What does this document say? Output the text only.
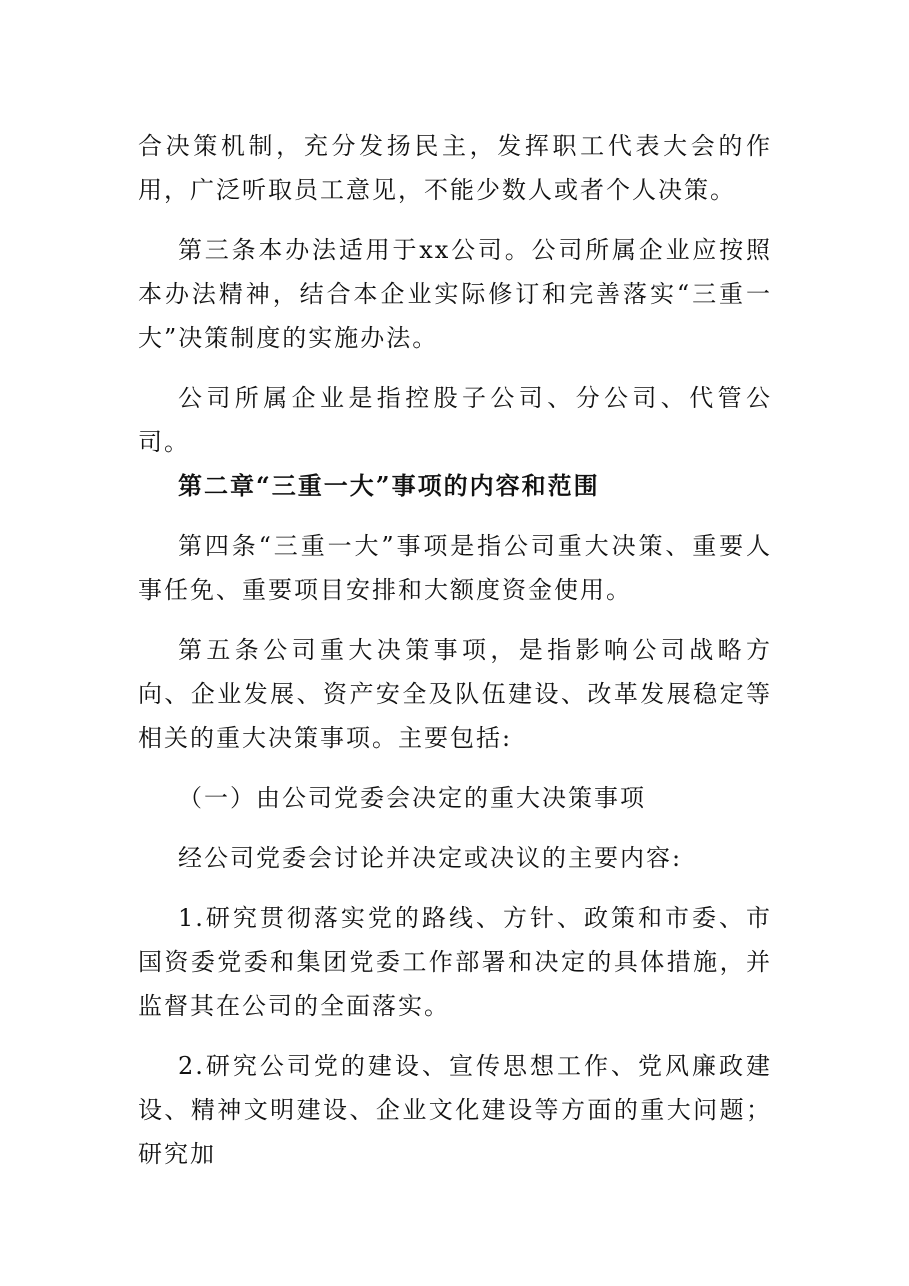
合决策机制，充分发扬民主，发挥职工代表大会的作用，广泛听取员工意见，不能少数人或者个人决策。

第三条本办法适用于xx公司。公司所属企业应按照本办法精神，结合本企业实际修订和完善落实“三重一大”决策制度的实施办法。

公司所属企业是指控股子公司、分公司、代管公司。

第二章“三重一大”事项的内容和范围

第四条“三重一大”事项是指公司重大决策、重要人事任免、重要项目安排和大额度资金使用。

第五条公司重大决策事项，是指影响公司战略方向、企业发展、资产安全及队伍建设、改革发展稳定等相关的重大决策事项。主要包括:

（一）由公司党委会决定的重大决策事项

经公司党委会讨论并决定或决议的主要内容:

1.研究贯彻落实党的路线、方针、政策和市委、市国资委党委和集团党委工作部署和决定的具体措施，并监督其在公司的全面落实。

2.研究公司党的建设、宣传思想工作、党风廉政建设、精神文明建设、企业文化建设等方面的重大问题；研究加
